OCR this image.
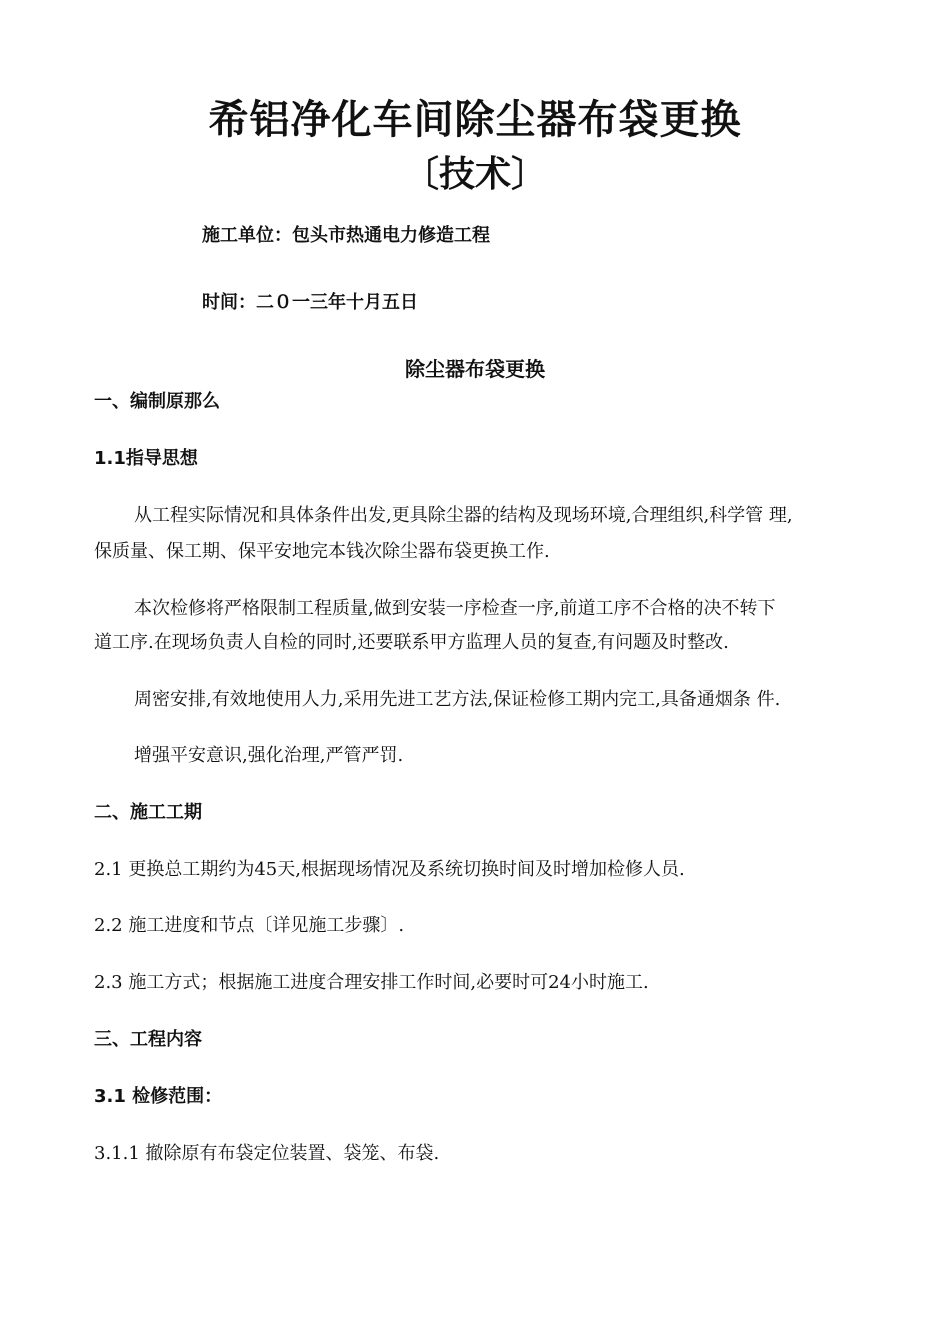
希铝净化车间除尘器布袋更换
〔技术〕
施工单位：包头市热通电力修造工程
时间：二０一三年十月五日
除尘器布袋更换
一、编制原那么
1.1指导思想
从工程实际情况和具体条件出发,更具除尘器的结构及现场环境,合理组织,科学管 理,
保质量、保工期、保平安地完本钱次除尘器布袋更换工作.
本次检修将严格限制工程质量,做到安装一序检查一序,前道工序不合格的决不转下
道工序.在现场负责人自检的同时,还要联系甲方监理人员的复查,有问题及时整改.
周密安排,有效地使用人力,采用先进工艺方法,保证检修工期内完工,具备通烟条 件.
增强平安意识,强化治理,严管严罚.
二、施工工期
2.1 更换总工期约为45天,根据现场情况及系统切换时间及时增加检修人员.
2.2 施工进度和节点〔详见施工步骤〕.
2.3 施工方式；根据施工进度合理安排工作时间,必要时可24小时施工.
三、工程内容
3.1 检修范围：
3.1.1 撤除原有布袋定位装置、袋笼、布袋.
